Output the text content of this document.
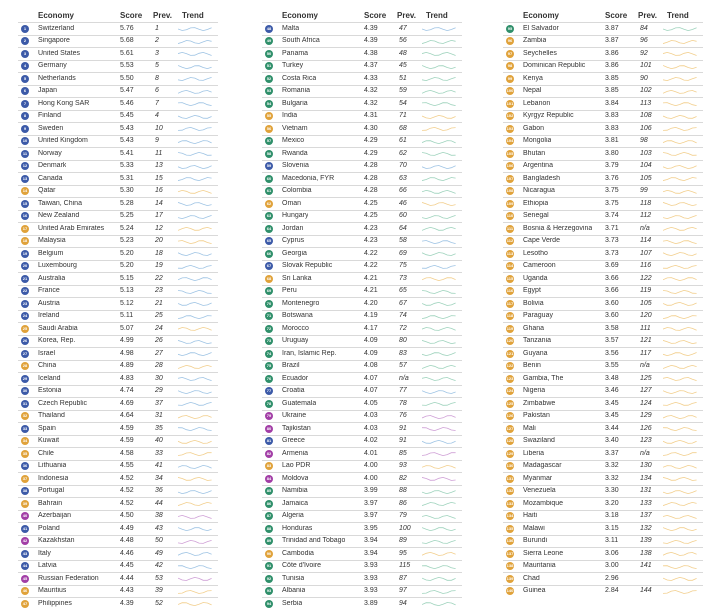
Economy	Score Prev. Trend
1	Switzerland	5.76	1
2	Singapore	5.68	2
3	United States	5.61	3
4	Germany	5.53	5
5	Netherlands	5.50	8
6	Japan	5.47	6
7	Hong Kong SAR	5.46	7
8	Finland	5.45	4
9	Sweden	5.43	10
10 United Kingdom	5.43	9
11 Norway	5.41	11
12 Denmark	5.33	13
13 Canada	5.31	15
14 Qatar	5.30	16
15 Taiwan, China	5.28	14
16 New Zealand	5.25	17
17 United Arab Emirates 5.24	12
18 Malaysia	5.23	20
19 Belgium	5.20	18
20 Luxembourg	5.20	19
21 Australia	5.15	22
22 France	5.13	23
23 Austria	5.12	21
24 Ireland	5.11	25
25 Saudi Arabia	5.07	24
26 Korea, Rep.	4.99	26
27 Israel	4.98	27
28 China	4.89	28
29 Iceland	4.83	30
30 Estonia	4.74	29
31 Czech Republic	4.69	37
32 Thailand	4.64	31
33 Spain	4.59	35
34 Kuwait	4.59	40
35 Chile	4.58	33
36 Lithuania	4.55	41
37 Indonesia	4.52	34
38 Portugal	4.52	36
39 Bahrain	4.52	44
40 Azerbaijan	4.50	38
41 Poland	4.49	43
42 Kazakhstan	4.48	50
43 Italy	4.46	49
44 Latvia	4.45	42
45 Russian Federation	4.44	53
46 Mauritius	4.43	39
47 Philippines	4.39	52
Economy	Score Prev. Trend
48 Malta	4.39	47
49 South Africa	4.39	56
50 Panama	4.38	48
51 Turkey	4.37	45
52 Costa Rica	4.33	51
53 Romania	4.32	59
54 Bulgaria	4.32	54
55 India	4.31	71
56 Vietnam	4.30	68
57 Mexico	4.29	61
58 Rwanda	4.29	62
59 Slovenia	4.28	70
60 Macedonia, FYR	4.28	63
61 Colombia	4.28	66
62 Oman	4.25	46
63 Hungary	4.25	60
64 Jordan	4.23	64
65 Cyprus	4.23	58
66 Georgia	4.22	69
67 Slovak Republic	4.22	75
68 Sri Lanka	4.21	73
69 Peru	4.21	65
70 Montenegro	4.20	67
71 Botswana	4.19	74
72 Morocco	4.17	72
73 Uruguay	4.09	80
74 Iran, Islamic Rep.	4.09	83
75 Brazil	4.08	57
76 Ecuador	4.07	n/a
77 Croatia	4.07	77
78 Guatemala	4.05	78
79 Ukraine	4.03	76
80 Tajikistan	4.03	91
81 Greece	4.02	91
82 Armenia	4.01	85
83 Lao PDR	4.00	93
84 Moldova	4.00	82
85 Namibia	3.99	88
86 Jamaica	3.97	86
87 Algeria	3.97	79
88 Honduras	3.95	100
89 Trinidad and Tobago	3.94	89
90 Cambodia	3.94	95
91 Côte d'Ivoire	3.93	115
92 Tunisia	3.93	87
93 Albania	3.93	97
94 Serbia	3.89	94
Economy	Score Prev. Trend
95 El Salvador	3.87	84
96 Zambia	3.87	96
97 Seychelles	3.86	92
98 Dominican Republic	3.86	101
99 Kenya	3.85	90
100 Nepal	3.85	102
101 Lebanon	3.84	113
102 Kyrgyz Republic	3.83	108
103 Gabon	3.83	106
104 Mongolia	3.81	98
105 Bhutan	3.80	103
106 Argentina	3.79	104
107 Bangladesh	3.76	105
108 Nicaragua	3.75	99
109 Ethiopia	3.75	118
110 Senegal	3.74	112
111 Bosnia & Herzegovina 3.71	n/a
112 Cape Verde	3.73	114
113 Lesotho	3.73	107
114 Cameroon	3.69	116
115 Uganda	3.66	122
116 Egypt	3.66	119
117 Bolivia	3.60	105
118 Paraguay	3.60	120
119 Ghana	3.58	111
120 Tanzania	3.57	121
121 Guyana	3.56	117
122 Benin	3.55	n/a
123 Gambia, The	3.48	125
124 Nigeria	3.46	127
125 Zimbabwe	3.45	124
126 Pakistan	3.45	129
127 Mali	3.44	126
128 Swaziland	3.40	123
129 Liberia	3.37	n/a
130 Madagascar	3.32	130
131 Myanmar	3.32	134
132 Venezuela	3.30	131
133 Mozambique	3.20	133
134 Haiti	3.18	137
135 Malawi	3.15	132
136 Burundi	3.11	139
137 Sierra Leone	3.06	138
138 Mauritania	3.00	141
139 Chad	2.96
140 Guinea	2.84	144
